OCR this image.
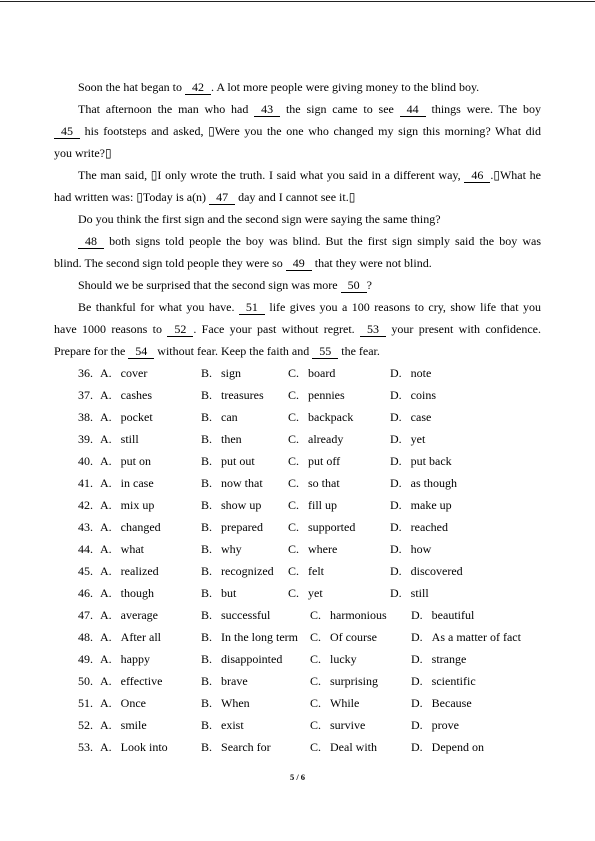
Soon the hat began to 42 . A lot more people were giving money to the blind boy.
That afternoon the man who had 43 the sign came to see 44 things were. The boy
45 his footsteps and asked, ▯Were you the one who changed my sign this morning? What did
you write?▯
The man said, ▯I only wrote the truth. I said what you said in a different way, 46 .▯What he
had written was: ▯Today is a(n) 47 day and I cannot see it.▯
Do you think the first sign and the second sign were saying the same thing?
48 both signs told people the boy was blind. But the first sign simply said the boy was
blind. The second sign told people they were so 49 that they were not blind.
Should we be surprised that the second sign was more 50 ?
Be thankful for what you have. 51 life gives you a 100 reasons to cry, show life that you
have 1000 reasons to 52 . Face your past without regret. 53 your present with confidence.
Prepare for the 54 without fear. Keep the faith and 55 the fear.
36. A. cover	B. sign	C. board	D. note
37. A. cashes	B. treasures C. pennies	D. coins
38. A. pocket	B. can	C. backpack	D. case
39. A. still	B. then	C. already	D. yet
40. A. put on	B. put out	C. put off	D. put back
41. A. in case	B. now that C. so that	D. as though
42. A. mix up	B. show up C. fill up	D. make up
43. A. changed	B. prepared C. supported	D. reached
44. A. what	B. why	C. where	D. how
45. A. realized	B. recognized C. felt	D. discovered
46. A. though	B. but	C. yet	D. still
47. A. average	B. successful	C. harmonious D. beautiful
48. A. After all	B. In the long term C. Of course	D. As a matter of fact
49. A. happy	B. disappointed C. lucky	D. strange
50. A. effective	B. brave	C. surprising	D. scientific
51. A. Once	B. When	C. While	D. Because
52. A. smile	B. exist	C. survive	D. prove
53. A. Look into	B. Search for	C. Deal with	D. Depend on
5 / 6
